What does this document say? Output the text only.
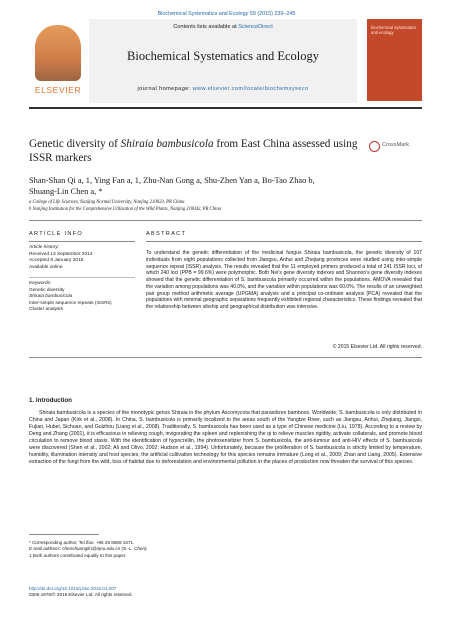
Biochemical Systematics and Ecology 59 (2015) 239–245
ELSEVIER
Contents lists available at ScienceDirect
Biochemical Systematics and Ecology
journal homepage: www.elsevier.com/locate/biochemsyseco
biochemical systematics and ecology
Genetic diversity of Shiraia bambusicola from East China assessed using ISSR markers
CrossMark
Shan-Shan Qi a, 1, Ying Fan a, 1, Zhu-Nan Gong a, Shu-Zhen Yan a, Bo-Tao Zhao b,
Shuang-Lin Chen a, *
a College of Life Sciences, Nanjing Normal University, Nanjing 210023, PR China
b Nanjing Institution for the Comprehensive Utilization of the Wild Plants, Nanjing 210042, PR China
ARTICLE INFO
Article history:
Received 13 September 2014
Accepted 9 January 2015
Available online
Keywords:
Genetic diversity
Shiraia bambusicola
Inter-simple sequence repeats (ISSRs)
Cluster analysis
ABSTRACT
To understand the genetic differentiation of the medicinal fungus Shiraia bambusicola, the genetic diversity of 107 individuals from eight populations collected from Jiangsu, Anhui and Zhejiang provinces were studied using inter-simple sequence repeat (ISSR) analysis. The results revealed that the 11 employed primers produced a total of 241 ISSR loci, of which 240 loci (PPB = 99.6%) were polymorphic. Both Nei's gene diversity indexes and Shannon's gene diversity indexes showed that the genetic differentiation of S. bambusicola primarily occurred within the populations. AMOVA revealed that the variation among populations was 40.0%, and the variation within populations was 60.0%. The results of an unweighted pair group method arithmetic average (UPGMA) analysis and a principal co-ordinate analysis (PCA) revealed that the populations with minimal geographic separations frequently exhibited regional characteristics. These findings revealed that the relationship between sibship and geographical distribution was intensive.
© 2015 Elsevier Ltd. All rights reserved.
1. Introduction
Shiraia bambusicola is a species of the monotypic genus Shiraia in the phylum Ascomycota that parasitizes bamboos. Worldwide, S. bambusicola is only distributed in China and Japan (Kirk et al., 2008). In China, S. bambusicola is primarily localized to the areas south of the Yangtze River, such as Jiangsu, Anhui, Zhejiang, Jiangxi, Fujian, Hubei, Sichuan, and Guizhou (Liang et al., 2008). Traditionally, S. bambusicola has been used as a type of Chinese medicine (Liu, 1978). According to a review by Deng and Zhang (2001), it is efficacious in relieving cough, invigorating the spleen and replenishing the qi to relieve muscles rigidity, activate collaterals, and promote blood circulation to remove blood stasis. With the identification of hypocrellin, the photosensitizer from S. bambusicola, the anti-tumour and anti-HIV effects of S. bambusicola were discovered (Shen et al., 2002; Ali and Olivo, 2002; Hudson et al., 1994). Unfortunately, because the proliferation of S. bambusicola is strictly limited by temperature, humidity, illumination intensity and host species, the artificial cultivation technology for this species remains immature (Long et al., 2009; Zhan and Liang, 2005). Extensive extraction of the fungi from the wild, loss of habitat due to deforestation and environmental pollution in the places of production now threaten the survival of this species.
* Corresponding author. Tel./fax: +86 25 8589 1571.
E-mail address: chenshuanglin@njnu.edu.cn (S.-L. Chen).
1 Both authors contributed equally to this paper.
http://dx.doi.org/10.1016/j.bse.2015.01.007
0305-1978/© 2015 Elsevier Ltd. All rights reserved.
